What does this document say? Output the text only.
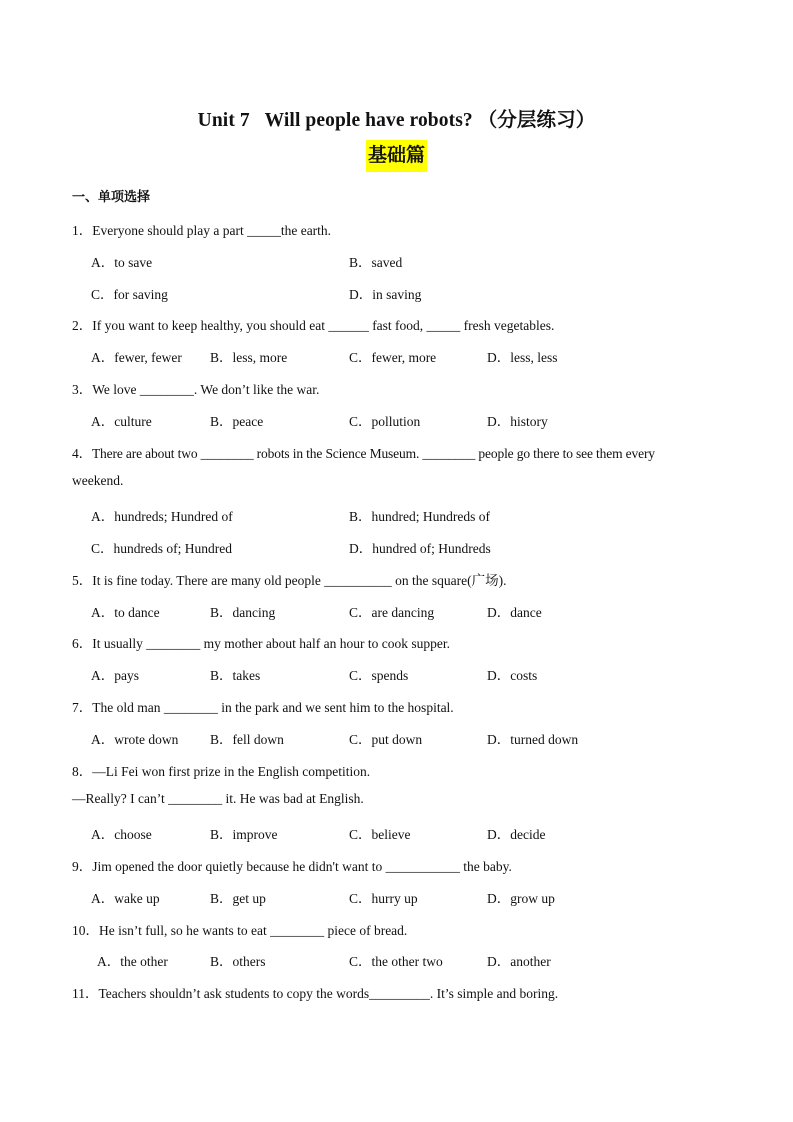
Unit 7   Will people have robots? （分层练习）
基础篇
一、单项选择
1．Everyone should play a part _____the earth.
A．to save	B．saved
C．for saving	D．in saving
2．If you want to keep healthy, you should eat ______ fast food, _____ fresh vegetables.
A．fewer, fewer B．less, more	C．fewer, more	D．less, less
3．We love ________. We don’t like the war.
A．culture	B．peace	C．pollution	D．history
4．There are about two ________ robots in the Science Museum. ________ people go there to see them every
weekend.
A．hundreds; Hundred of	B．hundred; Hundreds of
C．hundreds of; Hundred	D．hundred of; Hundreds
5．It is fine today. There are many old people __________ on the square(广场).
A．to dance	B．dancing	C．are dancing	D．dance
6．It usually ________ my mother about half an hour to cook supper.
A．pays	B．takes	C．spends	D．costs
7．The old man ________ in the park and we sent him to the hospital.
A．wrote down B．fell down	C．put down	D．turned down
8．—Li Fei won first prize in the English competition.
—Really? I can’t ________ it. He was bad at English.
A．choose	B．improve	C．believe	D．decide
9．Jim opened the door quietly because he didn't want to ___________ the baby.
A．wake up	B．get up	C．hurry up	D．grow up
10．He isn’t full, so he wants to eat ________ piece of bread.
A．the other	B．others	C．the other two	D．another
11．Teachers shouldn’t ask students to copy the words_________. It’s simple and boring.
